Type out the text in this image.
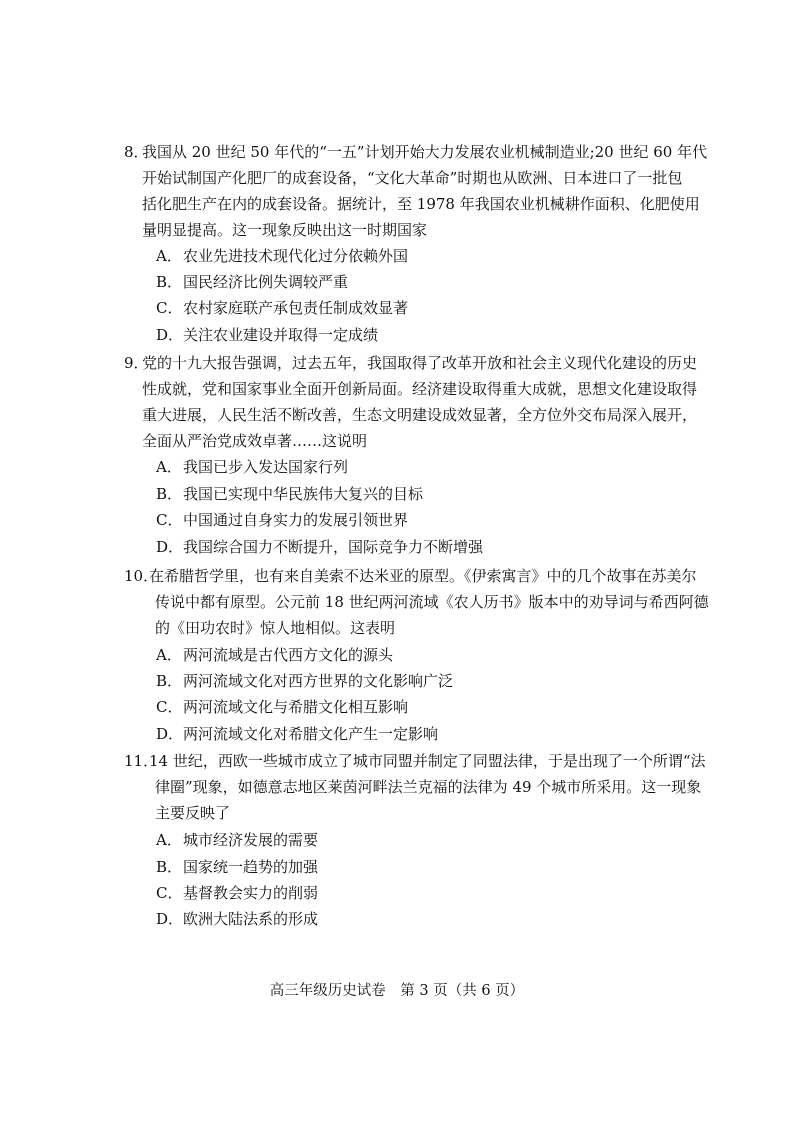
8．
我国从 20 世纪 50 年代的“一五”计划开始大力发展农业机械制造业;20 世纪 60 年代
开始试制国产化肥厂的成套设备，“文化大革命”时期也从欧洲、日本进口了一批包
括化肥生产在内的成套设备。据统计，至 1978 年我国农业机械耕作面积、化肥使用
量明显提高。这一现象反映出这一时期国家
A． 农业先进技术现代化过分依赖外国
B． 国民经济比例失调较严重
C． 农村家庭联产承包责任制成效显著
D． 关注农业建设并取得一定成绩
9．
党的十九大报告强调，过去五年，我国取得了改革开放和社会主义现代化建设的历史
性成就，党和国家事业全面开创新局面。经济建设取得重大成就，思想文化建设取得
重大进展，人民生活不断改善，生态文明建设成效显著，全方位外交布局深入展开，
全面从严治党成效卓著……这说明
A． 我国已步入发达国家行列
B． 我国已实现中华民族伟大复兴的目标
C． 中国通过自身实力的发展引领世界
D． 我国综合国力不断提升，国际竞争力不断增强
10．
在希腊哲学里，也有来自美索不达米亚的原型。《伊索寓言》中的几个故事在苏美尔
传说中都有原型。公元前 18 世纪两河流域《农人历书》版本中的劝导词与希西阿德
的《田功农时》惊人地相似。这表明
A． 两河流域是古代西方文化的源头
B． 两河流域文化对西方世界的文化影响广泛
C． 两河流域文化与希腊文化相互影响
D． 两河流域文化对希腊文化产生一定影响
11．
14 世纪，西欧一些城市成立了城市同盟并制定了同盟法律，于是出现了一个所谓“法
律圈”现象，如德意志地区莱茵河畔法兰克福的法律为 49 个城市所采用。这一现象
主要反映了
A． 城市经济发展的需要
B． 国家统一趋势的加强
C． 基督教会实力的削弱
D． 欧洲大陆法系的形成
高三年级历史试卷　第 3 页（共 6 页）
